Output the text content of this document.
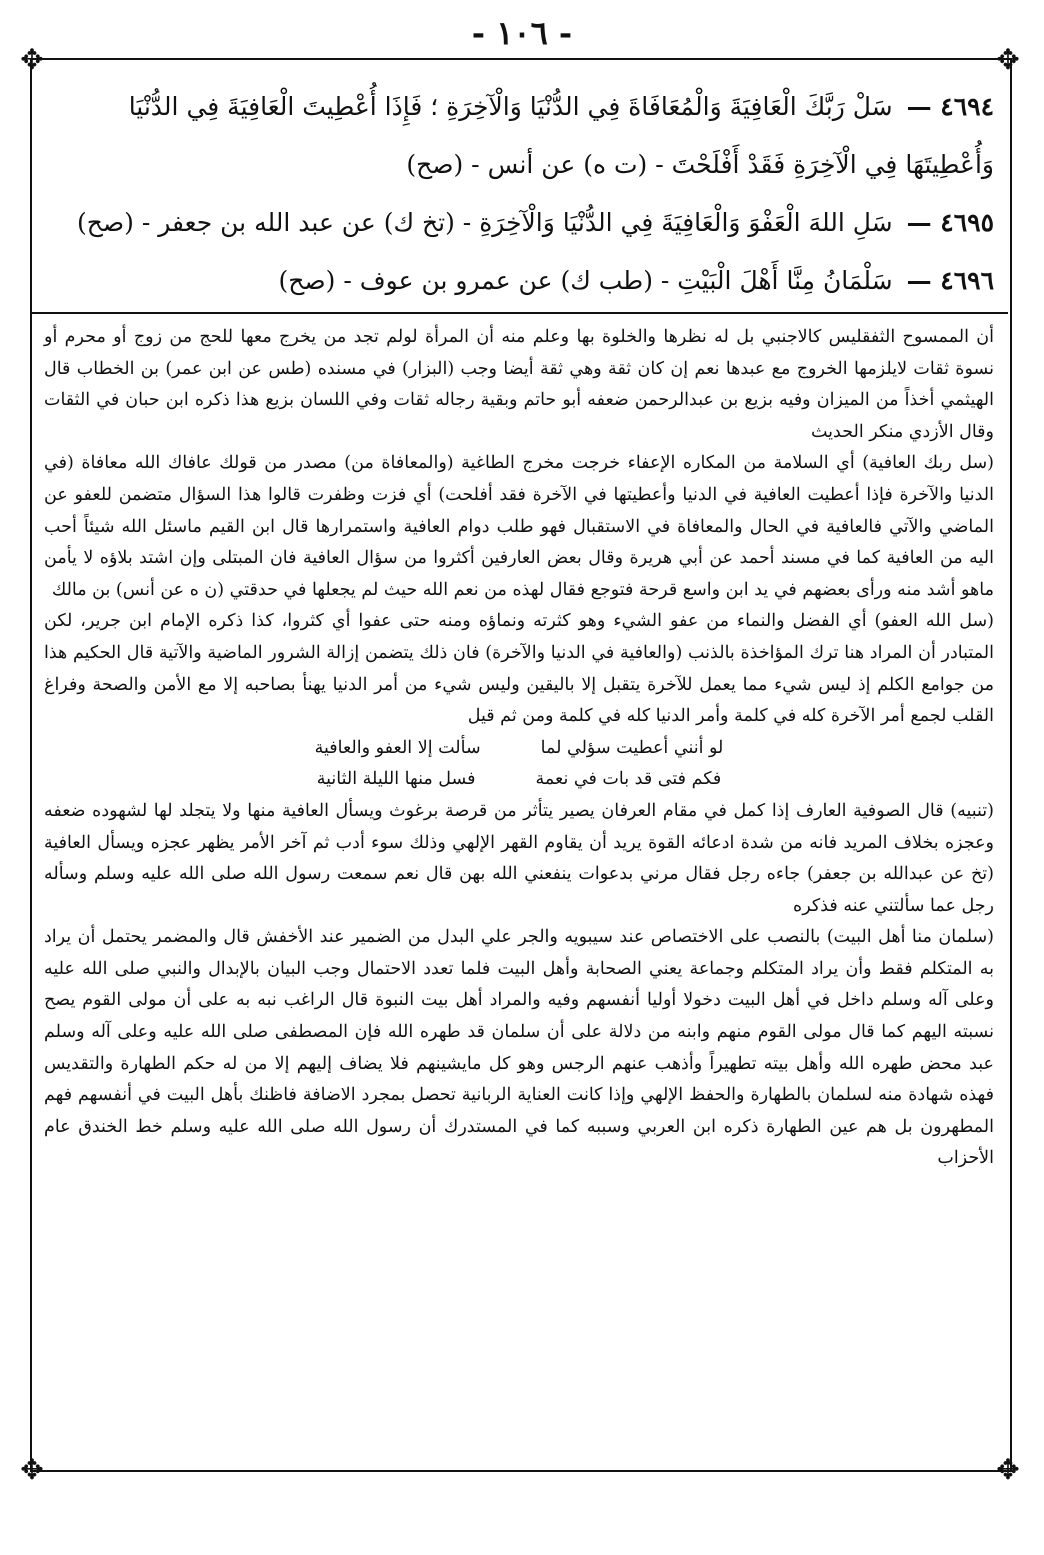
- ١٠٦ -
✥	✥
✥	✥

٤٦٩٤ — سَلْ رَبَّكَ الْعَافِيَةَ وَالْمُعَافَاةَ فِي الدُّنْيَا وَالْآخِرَةِ ؛ فَإِذَا أُعْطِيتَ الْعَافِيَةَ فِي الدُّنْيَا وَأُعْطِيتَهَا فِي الْآخِرَةِ فَقَدْ أَفْلَحْتَ - (ت ه) عن أنس - (صح)

٤٦٩٥ — سَلِ اللهَ الْعَفْوَ وَالْعَافِيَةَ فِي الدُّنْيَا وَالْآخِرَةِ - (تخ ك) عن عبد الله بن جعفر - (صح)

٤٦٩٦ — سَلْمَانُ مِنَّا أَهْلَ الْبَيْتِ - (طب ك) عن عمرو بن عوف - (صح)

أن الممسوح الثفقليس كالاجنبي بل له نظرها والخلوة بها وعلم منه أن المرأة لولم تجد من يخرج معها للحج من زوج أو محرم أو نسوة ثقات لايلزمها الخروج مع عبدها نعم إن كان ثقة وهي ثقة أيضا وجب (البزار) في مسنده (طس عن ابن عمر) بن الخطاب قال الهيثمي أخذاً من الميزان وفيه بزيع بن عبدالرحمن ضعفه أبو حاتم وبقية رجاله ثقات وفي اللسان بزيع هذا ذكره ابن حبان في الثقات وقال الأزدي منكر الحديث

(سل ربك العافية) أي السلامة من المكاره الإعفاء خرجت مخرج الطاغية (والمعافاة من) مصدر من قولك عافاك الله معافاة (في الدنيا والآخرة فإذا أعطيت العافية في الدنيا وأعطيتها في الآخرة فقد أفلحت) أي فزت وظفرت قالوا هذا السؤال متضمن للعفو عن الماضي والآتي فالعافية في الحال والمعافاة في الاستقبال فهو طلب دوام العافية واستمرارها قال ابن القيم ماسئل الله شيئاً أحب اليه من العافية كما في مسند أحمد عن أبي هريرة وقال بعض العارفين أكثروا من سؤال العافية فان المبتلى وإن اشتد بلاؤه لا يأمن ماهو أشد منه ورأى بعضهم في يد ابن واسع قرحة فتوجع فقال لهذه من نعم الله حيث لم يجعلها في حدقتي (ن ه عن أنس) بن مالك

(سل الله العفو) أي الفضل والنماء من عفو الشيء وهو كثرته ونماؤه ومنه حتى عفوا أي كثروا، كذا ذكره الإمام ابن جرير، لكن المتبادر أن المراد هنا ترك المؤاخذة بالذنب (والعافية في الدنيا والآخرة) فان ذلك يتضمن إزالة الشرور الماضية والآتية قال الحكيم هذا من جوامع الكلم إذ ليس شيء مما يعمل للآخرة يتقبل إلا باليقين وليس شيء من أمر الدنيا يهنأ بصاحبه إلا مع الأمن والصحة وفراغ القلب لجمع أمر الآخرة كله في كلمة وأمر الدنيا كله في كلمة ومن ثم قيل

لو أنني أعطيت سؤلي لما
سألت إلا العفو والعافية
فكم فتى قد بات في نعمة
فسل منها الليلة الثانية

(تنبيه) قال الصوفية العارف إذا كمل في مقام العرفان يصير يتأثر من قرصة برغوث ويسأل العافية منها ولا يتجلد لها لشهوده ضعفه وعجزه بخلاف المريد فانه من شدة ادعائه القوة يريد أن يقاوم القهر الإلهي وذلك سوء أدب ثم آخر الأمر يظهر عجزه ويسأل العافية (تخ عن عبدالله بن جعفر) جاءه رجل فقال مرني بدعوات ينفعني الله بهن قال نعم سمعت رسول الله صلى الله عليه وسلم وسأله رجل عما سألتني عنه فذكره

(سلمان منا أهل البيت) بالنصب على الاختصاص عند سيبويه والجر علي البدل من الضمير عند الأخفش قال والمضمر يحتمل أن يراد به المتكلم فقط وأن يراد المتكلم وجماعة يعني الصحابة وأهل البيت فلما تعدد الاحتمال وجب البيان بالإبدال والنبي صلى الله عليه وعلى آله وسلم داخل في أهل البيت دخولا أوليا أنفسهم وفيه والمراد أهل بيت النبوة قال الراغب نبه به على أن مولى القوم يصح نسبته اليهم كما قال مولى القوم منهم وابنه من دلالة على أن سلمان قد طهره الله فإن المصطفى صلى الله عليه وعلى آله وسلم عبد محض طهره الله وأهل بيته تطهيراً وأذهب عنهم الرجس وهو كل مايشينهم فلا يضاف إليهم إلا من له حكم الطهارة والتقديس فهذه شهادة منه لسلمان بالطهارة والحفظ الإلهي وإذا كانت العناية الربانية تحصل بمجرد الاضافة فاظنك بأهل البيت في أنفسهم فهم المطهرون بل هم عين الطهارة ذكره ابن العربي وسببه كما في المستدرك أن رسول الله صلى الله عليه وسلم خط الخندق عام الأحزاب
